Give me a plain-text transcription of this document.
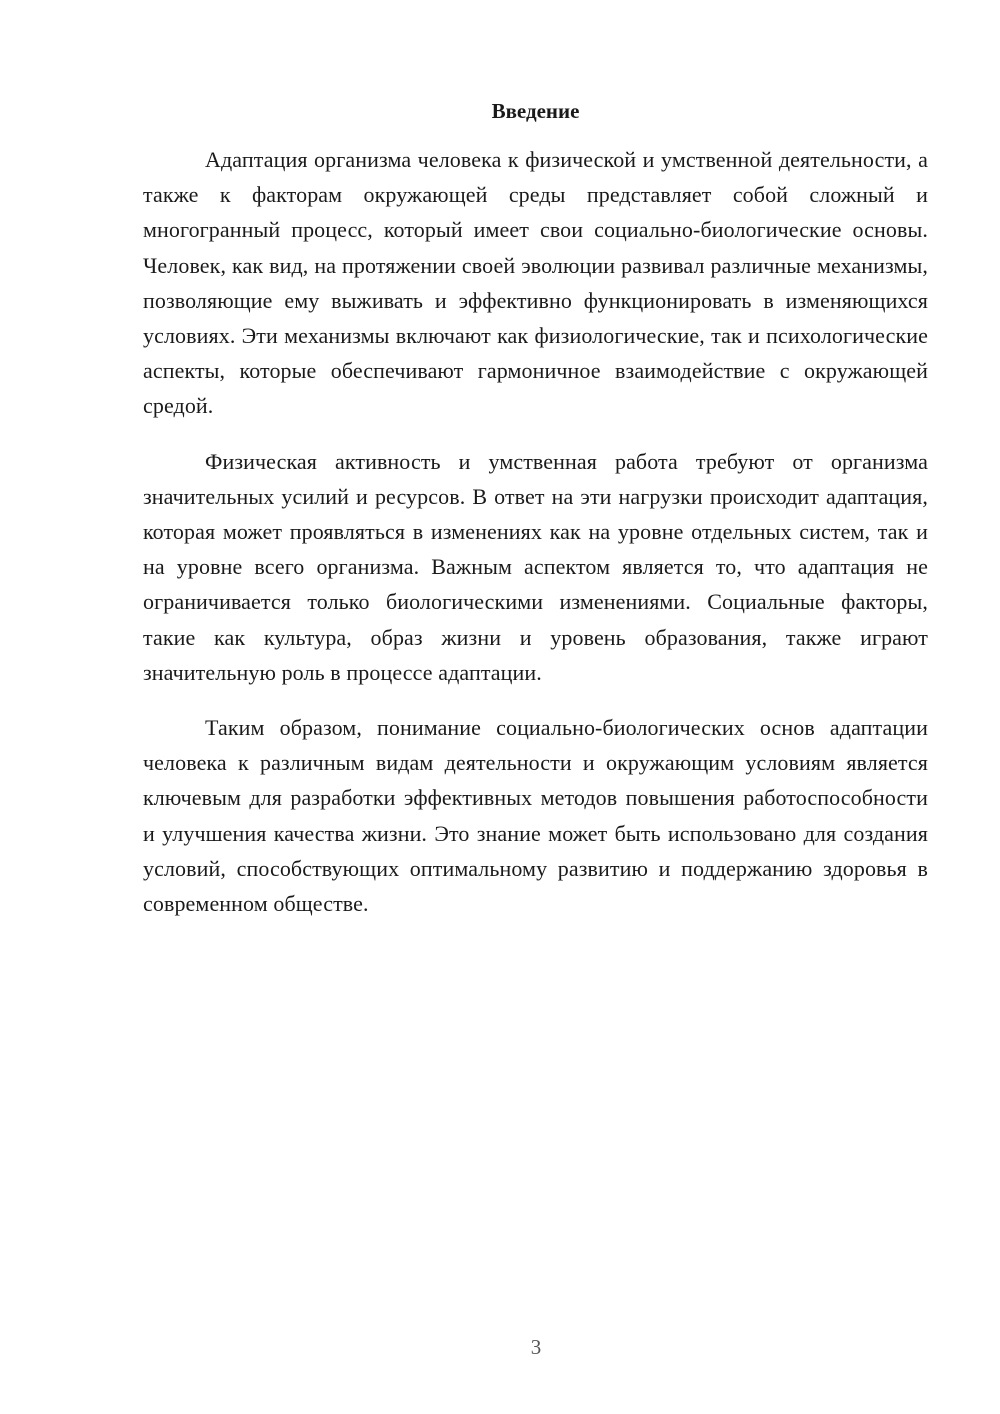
Введение

Адаптация организма человека к физической и умственной деятельности, а также к факторам окружающей среды представляет собой сложный и многогранный процесс, который имеет свои социально-биологические основы. Человек, как вид, на протяжении своей эволюции развивал различные механизмы, позволяющие ему выживать и эффективно функционировать в изменяющихся условиях. Эти механизмы включают как физиологические, так и психологические аспекты, которые обеспечивают гармоничное взаимодействие с окружающей средой.

Физическая активность и умственная работа требуют от организма значительных усилий и ресурсов. В ответ на эти нагрузки происходит адаптация, которая может проявляться в изменениях как на уровне отдельных систем, так и на уровне всего организма. Важным аспектом является то, что адаптация не ограничивается только биологическими изменениями. Социальные факторы, такие как культура, образ жизни и уровень образования, также играют значительную роль в процессе адаптации.

Таким образом, понимание социально-биологических основ адаптации человека к различным видам деятельности и окружающим условиям является ключевым для разработки эффективных методов повышения работоспособности и улучшения качества жизни. Это знание может быть использовано для создания условий, способствующих оптимальному развитию и поддержанию здоровья в современном обществе.

3
